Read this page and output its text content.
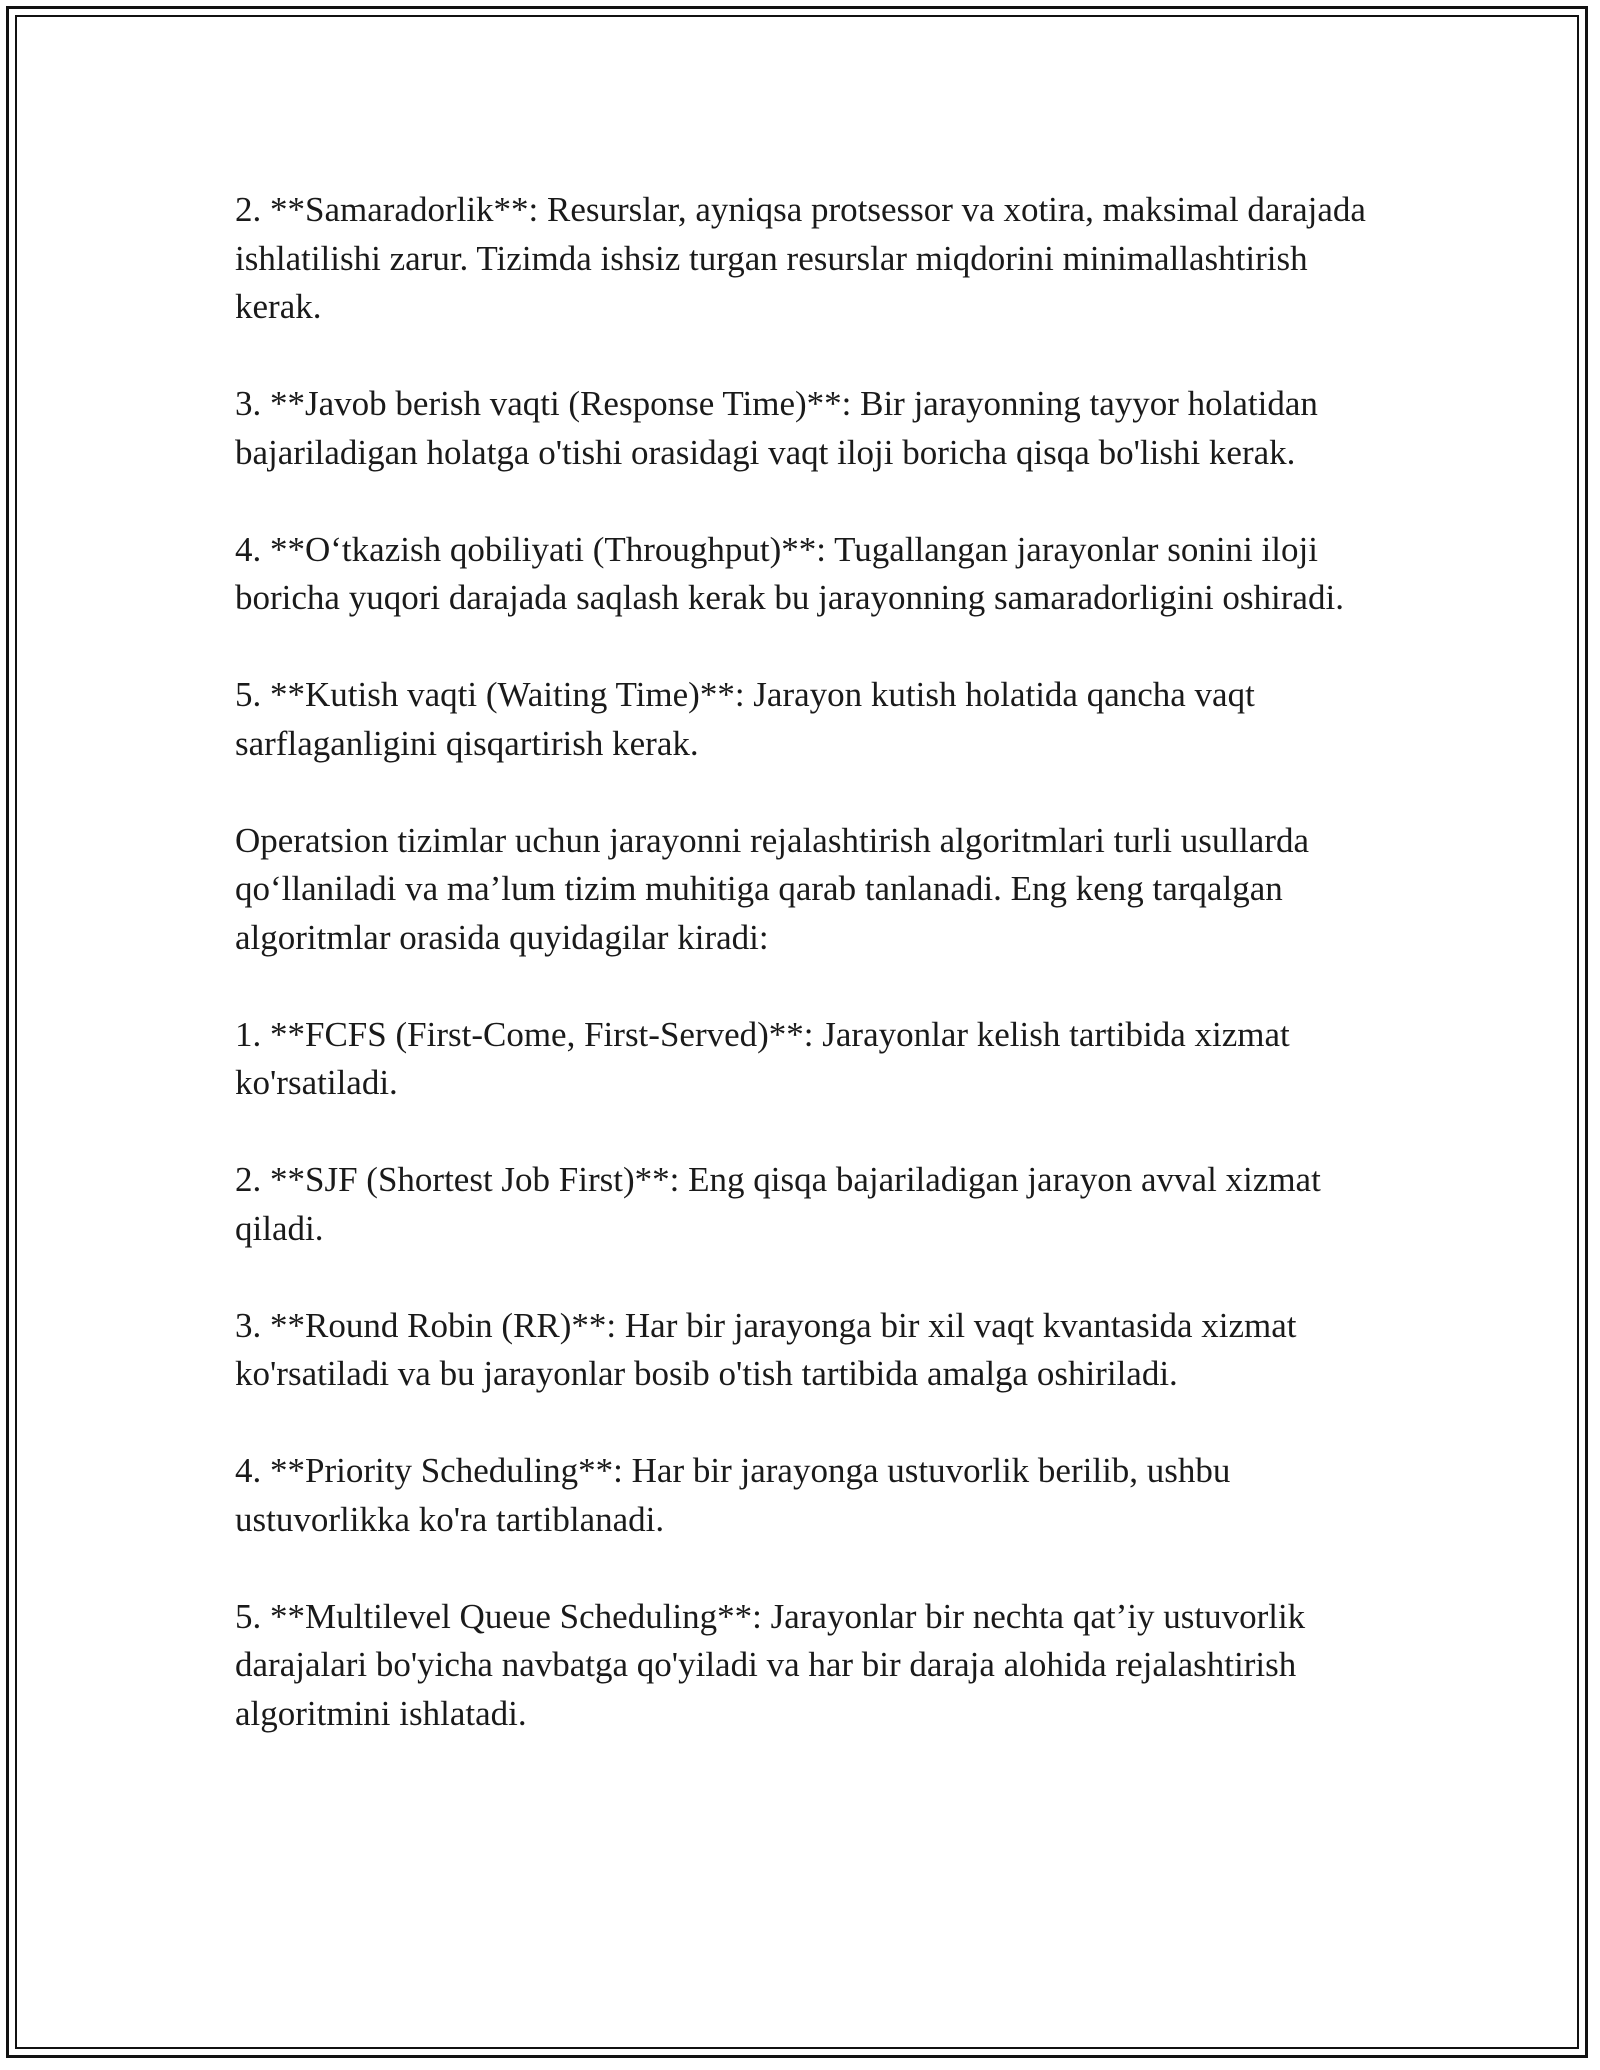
2. **Samaradorlik**: Resurslar, ayniqsa protsessor va xotira, maksimal darajada ishlatilishi zarur. Tizimda ishsiz turgan resurslar miqdorini minimallashtirish kerak.

3. **Javob berish vaqti (Response Time)**: Bir jarayonning tayyor holatidan bajariladigan holatga o'tishi orasidagi vaqt iloji boricha qisqa bo'lishi kerak.

4. **O‘tkazish qobiliyati (Throughput)**: Tugallangan jarayonlar sonini iloji boricha yuqori darajada saqlash kerak bu jarayonning samaradorligini oshiradi.

5. **Kutish vaqti (Waiting Time)**: Jarayon kutish holatida qancha vaqt sarflaganligini qisqartirish kerak.

Operatsion tizimlar uchun jarayonni rejalashtirish algoritmlari turli usullarda qo‘llaniladi va ma’lum tizim muhitiga qarab tanlanadi. Eng keng tarqalgan algoritmlar orasida quyidagilar kiradi:

1. **FCFS (First-Come, First-Served)**: Jarayonlar kelish tartibida xizmat ko'rsatiladi.

2. **SJF (Shortest Job First)**: Eng qisqa bajariladigan jarayon avval xizmat qiladi.

3. **Round Robin (RR)**: Har bir jarayonga bir xil vaqt kvantasida xizmat ko'rsatiladi va bu jarayonlar bosib o'tish tartibida amalga oshiriladi.

4. **Priority Scheduling**: Har bir jarayonga ustuvorlik berilib, ushbu ustuvorlikka ko'ra tartiblanadi.

5. **Multilevel Queue Scheduling**: Jarayonlar bir nechta qat’iy ustuvorlik darajalari bo'yicha navbatga qo'yiladi va har bir daraja alohida rejalashtirish algoritmini ishlatadi.
